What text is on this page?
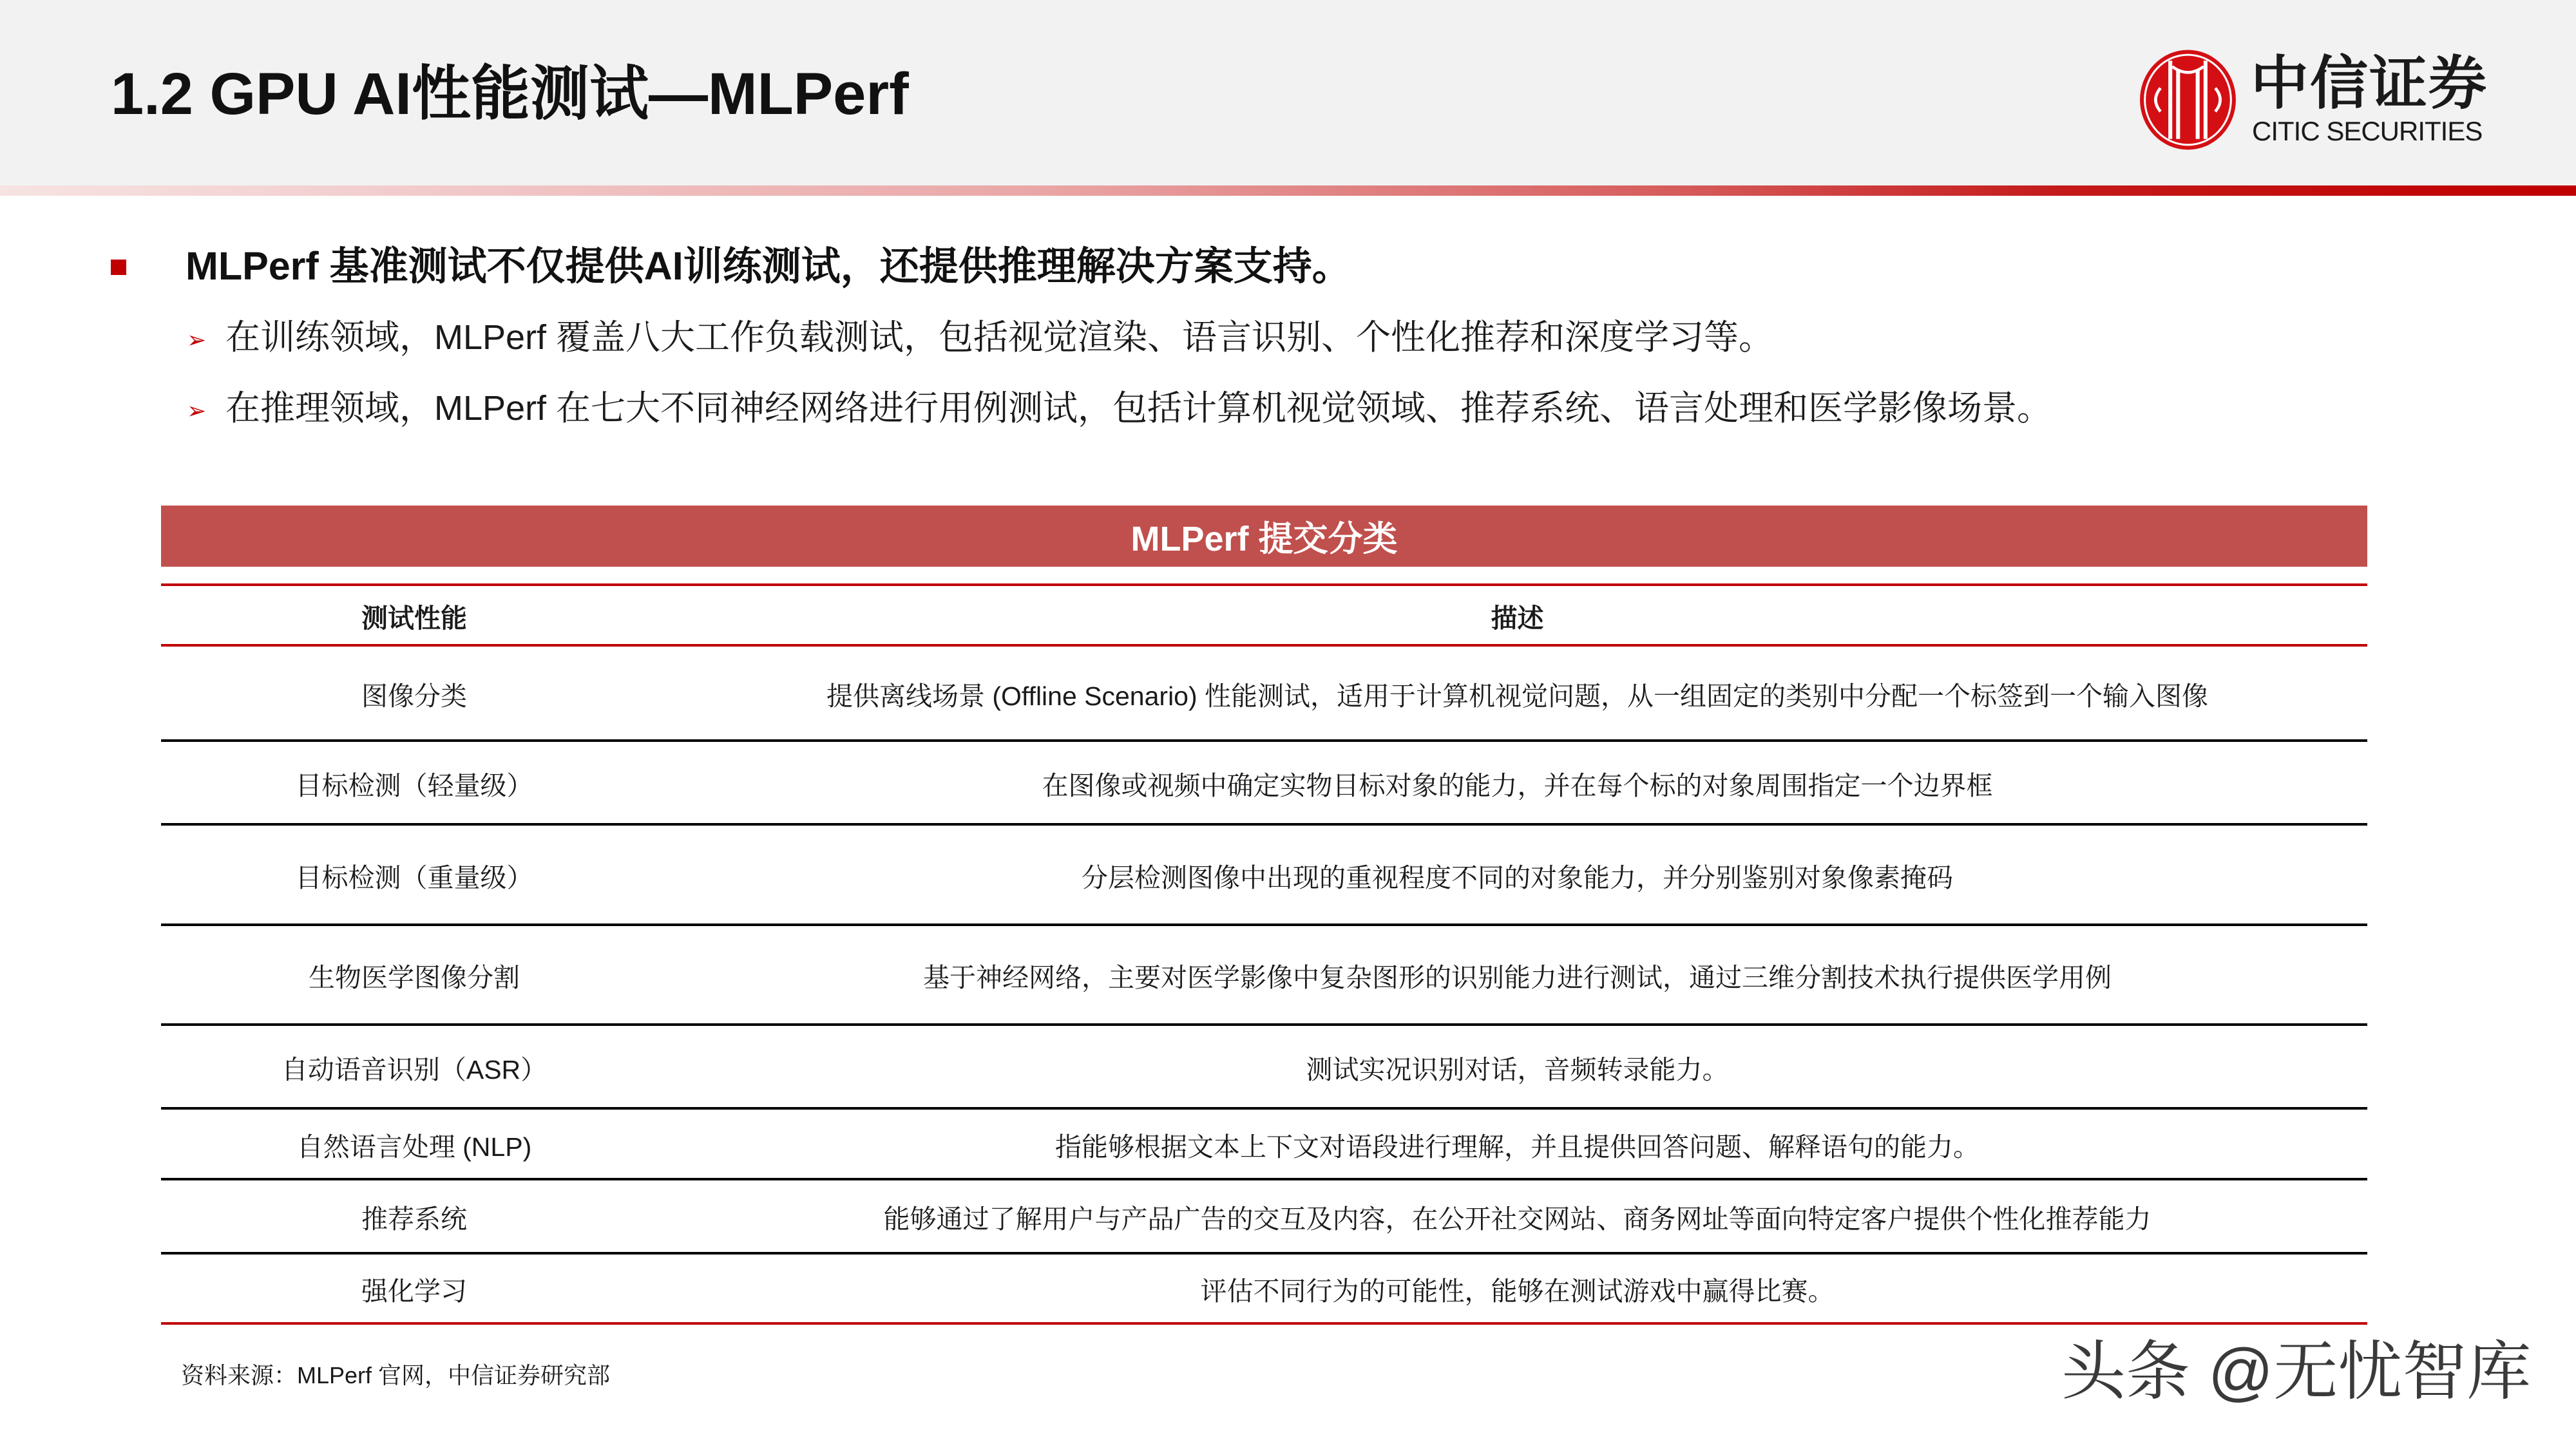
1.2 GPU AI性能测试—MLPerf	中信证券
CITIC SECURITIES
MLPerf 基准测试不仅提供AI训练测试，还提供推理解决方案支持。
➢ 在训练领域，MLPerf 覆盖八大工作负载测试，包括视觉渲染、语言识别、个性化推荐和深度学习等。
➢ 在推理领域，MLPerf 在七大不同神经网络进行用例测试，包括计算机视觉领域、推荐系统、语言处理和医学影像场景。
MLPerf 提交分类
测试性能	描述
图像分类	提供离线场景 (Offline Scenario) 性能测试，适用于计算机视觉问题，从一组固定的类别中分配一个标签到一个输入图像
目标检测（轻量级）	在图像或视频中确定实物目标对象的能力，并在每个标的对象周围指定一个边界框
目标检测（重量级）	分层检测图像中出现的重视程度不同的对象能力，并分别鉴别对象像素掩码
生物医学图像分割	基于神经网络，主要对医学影像中复杂图形的识别能力进行测试，通过三维分割技术执行提供医学用例
自动语音识别（ASR）	测试实况识别对话，音频转录能力。
自然语言处理 (NLP)	指能够根据文本上下文对语段进行理解，并且提供回答问题、解释语句的能力。
推荐系统	能够通过了解用户与产品广告的交互及内容，在公开社交网站、商务网址等面向特定客户提供个性化推荐能力
强化学习	评估不同行为的可能性，能够在测试游戏中赢得比赛。
资料来源：MLPerf 官网，中信证券研究部	头条 @无忧智库
